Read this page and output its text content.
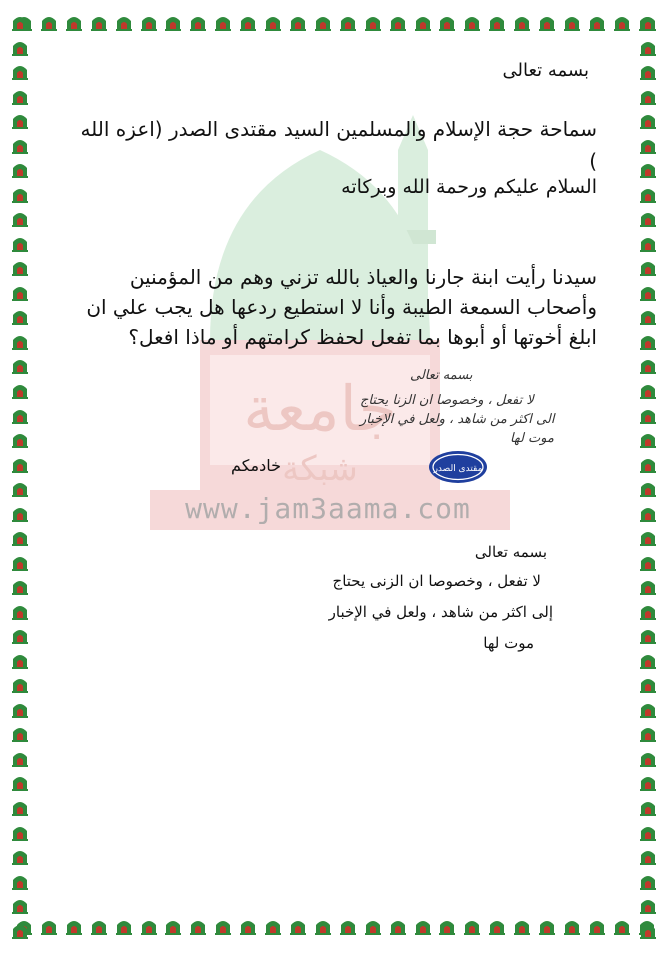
جامعة
شبكة
www.jam3aama.com
بسمه تعالى
سماحة حجة الإسلام والمسلمين السيد مقتدى الصدر (اعزه الله )
السلام عليكم ورحمة الله وبركاته
سيدنا رأيت ابنة جارنا والعياذ بالله تزني وهم من المؤمنين وأصحاب السمعة الطيبة وأنا لا استطيع ردعها هل يجب علي ان ابلغ أخوتها أو أبوها بما تفعل لحفظ كرامتهم أو ماذا افعل؟
بسمه تعالى
لا تفعل ، وخصوصا ان الزنا يحتاج
الى اكثر من شاهد ، ولعل في الإخبار
موت لها
مقتدى الصدر
خادمكم
بسمه تعالى
لا تفعل ، وخصوصا ان الزنى يحتاج
إلى اكثر من شاهد ، ولعل في الإخبار
موت لها
